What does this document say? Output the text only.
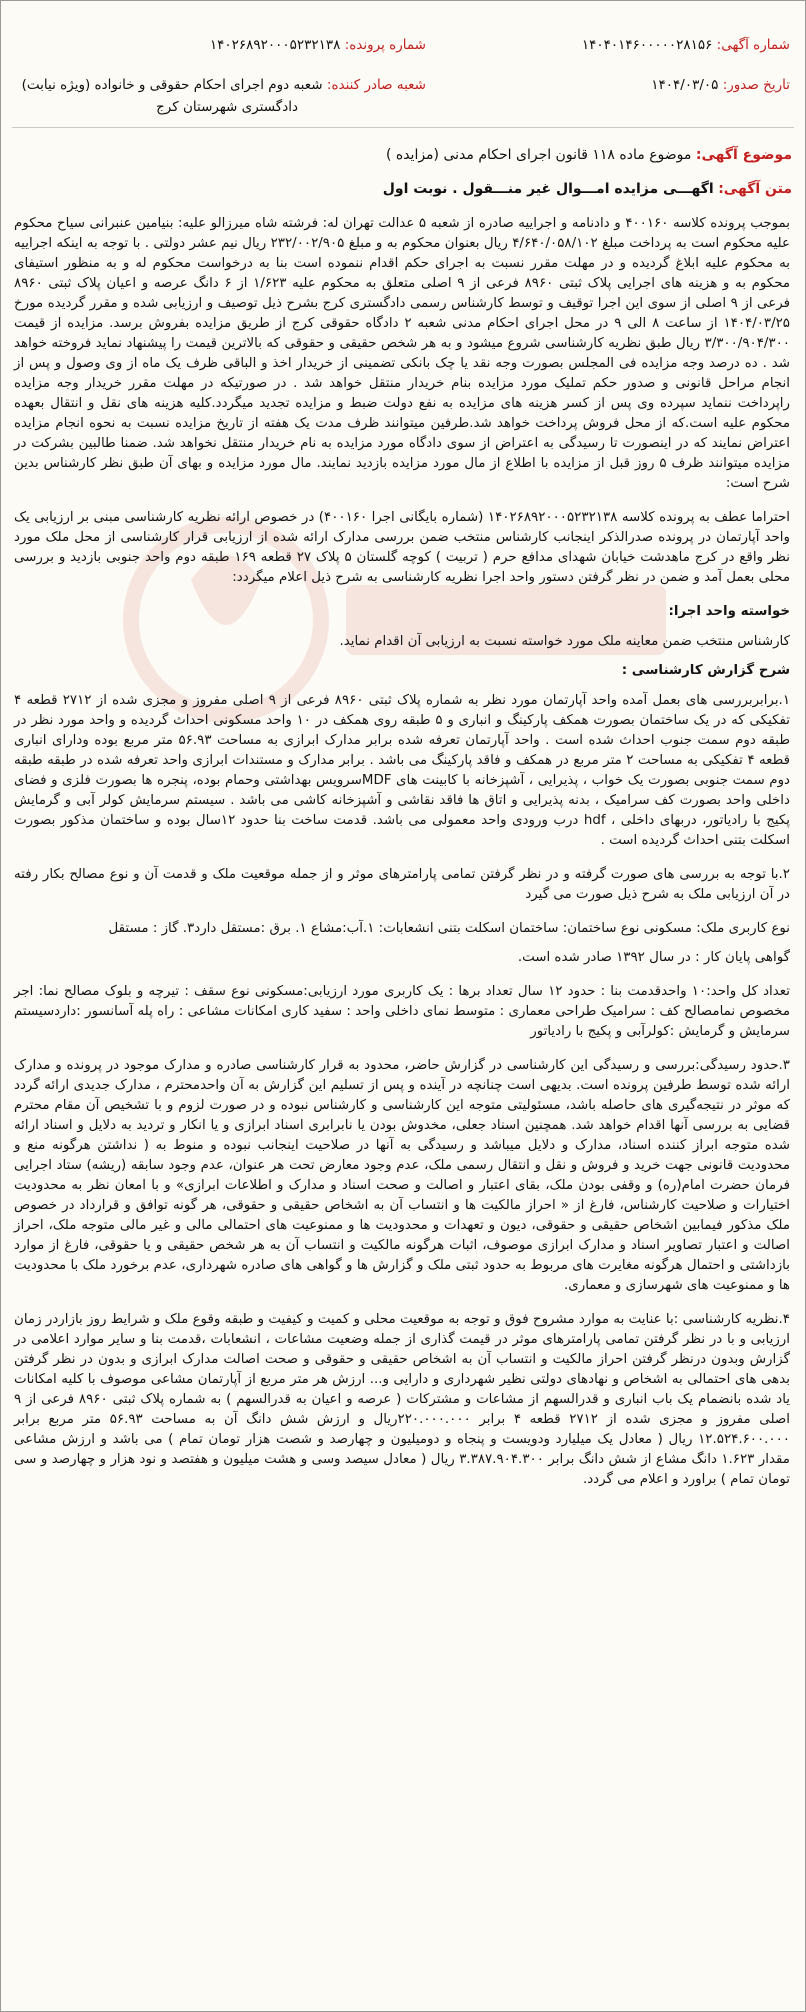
شماره آگهی: ۱۴۰۴۰۱۴۶۰۰۰۰۰۲۸۱۵۶
شماره پرونده: ۱۴۰۲۶۸۹۲۰۰۰۵۲۳۲۱۳۸
تاریخ صدور: ۱۴۰۴/۰۳/۰۵
شعبه صادر کننده: شعبه دوم اجرای احکام حقوقی و خانواده (ویژه نیابت)
دادگستری شهرستان کرج
موضوع آگهی: موضوع ماده ۱۱۸ قانون اجرای احکام مدنی (مزایده )
متن آگهی: اگهـــی مزایده امـــوال غیر منـــقول . نوبت اول

بموجب پرونده کلاسه ۴۰۰۱۶۰ و دادنامه و اجراییه صادره از شعبه ۵ عدالت تهران له: فرشته شاه میرزالو علیه: بنیامین عنبرانی سیاح محکوم علیه محکوم است به پرداخت مبلغ ۴/۶۴۰/۰۵۸/۱۰۲ ریال بعنوان محکوم به و مبلغ ۲۳۲/۰۰۲/۹۰۵ ریال نیم عشر دولتی . با توجه به اینکه اجراییه به محکوم علیه ابلاغ گردیده و در مهلت مقرر نسبت به اجرای حکم اقدام ننموده است بنا به درخواست محکوم له و به منظور استیفای محکوم به و هزینه های اجرایی پلاک ثبتی ۸۹۶۰ فرعی از ۹ اصلی متعلق به محکوم علیه ۱/۶۲۳ از ۶ دانگ عرصه و اعیان پلاک ثبتی ۸۹۶۰ فرعی از ۹ اصلی از سوی این اجرا توقیف و توسط کارشناس رسمی دادگستری کرج بشرح ذیل توصیف و ارزیابی شده و مقرر گردیده مورخ ۱۴۰۴/۰۳/۲۵ از ساعت ۸ الی ۹ در محل اجرای احکام مدنی شعبه ۲ دادگاه حقوقی کرج از طریق مزایده بفروش برسد. مزایده از قیمت ۳/۳۰۰/۹۰۴/۳۰۰ ریال طبق نظریه کارشناسی شروع میشود و به هر شخص حقیقی و حقوقی که بالاترین قیمت را پیشنهاد نماید فروخته خواهد شد . ده درصد وجه مزایده فی المجلس بصورت وجه نقد یا چک بانکی تضمینی از خریدار اخذ و الباقی ظرف یک ماه از وی وصول و پس از انجام مراحل قانونی و صدور حکم تملیک مورد مزایده بنام خریدار منتقل خواهد شد . در صورتیکه در مهلت مقرر خریدار وجه مزایده راپرداخت ننماید سپرده وی پس از کسر هزینه های مزایده به نفع دولت ضبط و مزایده تجدید میگردد.کلیه هزینه های نقل و انتقال بعهده محکوم علیه است.که از محل فروش پرداخت خواهد شد.طرفین میتوانند ظرف مدت یک هفته از تاریخ مزایده نسبت به نحوه انجام مزایده اعتراض نمایند که در اینصورت تا رسیدگی به اعتراض از سوی دادگاه مورد مزایده به نام خریدار منتقل نخواهد شد. ضمنا طالبین بشرکت در مزایده میتوانند ظرف ۵ روز قبل از مزایده با اطلاع از مال مورد مزایده بازدید نمایند. مال مورد مزایده و بهای آن طبق نظر کارشناس بدین شرح است:

احتراما عطف به پرونده کلاسه ۱۴۰۲۶۸۹۲۰۰۰۵۲۳۲۱۳۸ (شماره بایگانی اجرا ۴۰۰۱۶۰) در خصوص ارائه نظریه کارشناسی مبنی بر ارزیابی یک واحد آپارتمان در پرونده صدرالذکر اینجانب کارشناس منتخب ضمن بررسی مدارک ارائه شده از ارزیابی قرار کارشناسی از محل ملک مورد نظر واقع در کرج ماهدشت خیابان شهدای مدافع حرم ( تربیت ) کوچه گلستان ۵ پلاک ۲۷ قطعه ۱۶۹ طبقه دوم واحد جنوبی بازدید و بررسی محلی بعمل آمد و ضمن در نظر گرفتن دستور واحد اجرا نظریه کارشناسی به شرح ذیل اعلام میگردد:

خواسته واحد اجرا:

کارشناس منتخب ضمن معاینه ملک مورد خواسته نسبت به ارزیابی آن اقدام نماید.

شرح گزارش کارشناسی :

۱.برابربررسی های بعمل آمده واحد آپارتمان مورد نظر به شماره پلاک ثبتی ۸۹۶۰ فرعی از ۹ اصلی مفروز و مجزی شده از ۲۷۱۲ قطعه ۴ تفکیکی که در یک ساختمان بصورت همکف پارکینگ و انباری و ۵ طبقه روی همکف در ۱۰ واحد مسکونی احداث گردیده و واحد مورد نظر در طبقه دوم سمت جنوب احداث شده است . واحد آپارتمان تعرفه شده برابر مدارک ابرازی به مساحت ۵۶.۹۳ متر مربع بوده ودارای انباری قطعه ۴ تفکیکی به مساحت ۲ متر مربع در همکف و فاقد پارکینگ می باشد . برابر مدارک و مستندات ابرازی واحد تعرفه شده در طبقه طبقه دوم سمت جنوبی بصورت یک خواب ، پذیرایی ، آشپزخانه با کابینت های MDFسرویس بهداشتی وحمام بوده، پنجره ها بصورت فلزی و فضای داخلی واحد بصورت کف سرامیک ، بدنه پذیرایی و اتاق ها فاقد نقاشی و آشپزخانه کاشی می باشد . سیستم سرمایش کولر آبی و گرمایش پکیج با رادیاتور، دربهای داخلی ، hdf درب ورودی واحد معمولی می باشد. قدمت ساخت بنا حدود ۱۲سال بوده و ساختمان مذکور بصورت اسکلت بتنی احداث گردیده است .

۲.با توجه به بررسی های صورت گرفته و در نظر گرفتن تمامی پارامترهای موثر و از جمله موقعیت ملک و قدمت آن و نوع مصالح بکار رفته در آن ارزیابی ملک به شرح ذیل صورت می گیرد

نوع کاربری ملک: مسکونی نوع ساختمان: ساختمان اسکلت بتنی انشعابات: ۱.آب:مشاع ۱. برق :مستقل دارد۳. گاز : مستقل

گواهی پایان کار : در سال ۱۳۹۲ صادر شده است.

تعداد کل واحد:۱۰ واحدقدمت بنا : حدود ۱۲ سال تعداد برها : یک کاربری مورد ارزیابی:مسکونی نوع سقف : تیرچه و بلوک مصالح نما: اجر مخصوص نمامصالح کف : سرامیک طراحی معماری : متوسط نمای داخلی واحد : سفید کاری امکانات مشاعی : راه پله آسانسور :داردسیستم سرمایش و گرمایش :کولرآبی و پکیج با رادیاتور

۳.حدود رسیدگی:بررسی و رسیدگی این کارشناسی در گزارش حاضر، محدود به قرار کارشناسی صادره و مدارک موجود در پرونده و مدارک ارائه شده توسط طرفین پرونده است. بدیهی است چنانچه در آینده و پس از تسلیم این گزارش به آن واحدمحترم ، مدارک جدیدی ارائه گردد که موثر در نتیجه‌گیری های حاصله باشد، مسئولیتی متوجه این کارشناسی و کارشناس نبوده و در صورت لزوم و با تشخیص آن مقام محترم قضایی به بررسی آنها اقدام خواهد شد. همچنین اسناد جعلی، مخدوش بودن یا نابرابری اسناد ابرازی و یا انکار و تردید به دلایل و اسناد ارائه شده متوجه ابراز کننده اسناد، مدارک و دلایل میباشد و رسیدگی به آنها در صلاحیت اینجانب نبوده و منوط به ( نداشتن هرگونه منع و محدودیت قانونی جهت خرید و فروش و نقل و انتقال رسمی ملک، عدم وجود معارض تحت هر عنوان، عدم وجود سابقه (ریشه) ستاد اجرایی فرمان حضرت امام(ره) و وقفی بودن ملک، بقای اعتبار و اصالت و صحت اسناد و مدارک و اطلاعات ابرازی» و با امعان نظر به محدودیت اختیارات و صلاحیت کارشناس، فارغ از « احراز مالکیت ها و انتساب آن به اشخاص حقیقی و حقوقی، هر گونه توافق و قرارداد در خصوص ملک مذکور فیمابین اشخاص حقیقی و حقوقی، دیون و تعهدات و محدودیت ها و ممنوعیت های احتمالی مالی و غیر مالی متوجه ملک، احراز اصالت و اعتبار تصاویر اسناد و مدارک ابرازی موصوف، اثبات هرگونه مالکیت و انتساب آن به هر شخص حقیقی و یا حقوقی، فارغ از موارد بازداشتی و احتمال هرگونه مغایرت های مربوط به حدود ثبتی ملک و گزارش ها و گواهی های صادره شهرداری، عدم برخورد ملک با محدودیت ها و ممنوعیت های شهرسازی و معماری.

۴.نظریه کارشناسی :با عنایت به موارد مشروح فوق و توجه به موقعیت محلی و کمیت و کیفیت و طبقه وقوع ملک و شرایط روز بازاردر زمان ارزیابی و با در نظر گرفتن تمامی پارامترهای موثر در قیمت گذاری از جمله وضعیت مشاعات ، انشعابات ،قدمت بنا و سایر موارد اعلامی در گزارش وبدون درنظر گرفتن احراز مالکیت و انتساب آن به اشخاص حقیقی و حقوقی و صحت اصالت مدارک ابرازی و بدون در نظر گرفتن بدهی های احتمالی به اشخاص و نهادهای دولتی نظیر شهرداری و دارایی و... ارزش هر متر مربع از آپارتمان مشاعی موصوف با کلیه امکانات یاد شده بانضمام یک باب انباری و قدرالسهم از مشاعات و مشترکات ( عرصه و اعیان به قدرالسهم ) به شماره پلاک ثبتی ۸۹۶۰ فرعی از ۹ اصلی مفروز و مجزی شده از ۲۷۱۲ قطعه ۴ برابر ۲۲۰.۰۰۰.۰۰۰ریال و ارزش شش دانگ آن به مساحت ۵۶.۹۳ متر مربع برابر ۱۲.۵۲۴.۶۰۰.۰۰۰ ریال ( معادل یک میلیارد ودویست و پنجاه و دومیلیون و چهارصد و شصت هزار تومان تمام ) می باشد و ارزش مشاعی مقدار ۱.۶۲۳ دانگ مشاع از شش دانگ برابر ۳.۳۸۷.۹۰۴.۳۰۰ ریال ( معادل سیصد وسی و هشت میلیون و هفتصد و نود هزار و چهارصد و سی تومان تمام ) براورد و اعلام می گردد.
